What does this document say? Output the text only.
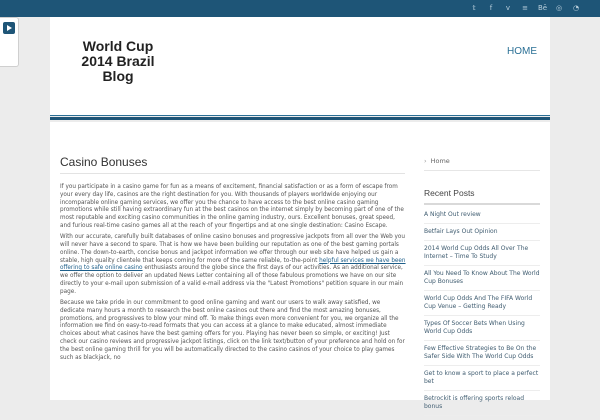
𝕥	f	v ≡ Bē ◎ ◔
World Cup 2014 Brazil Blog
HOME
Casino Bonuses

If you participate in a casino game for fun as a means of excitement, financial satisfaction or as a form of escape from your every day life, casinos are the right destination for you. With thousands of players worldwide enjoying our incomparable online gaming services, we offer you the chance to have access to the best online casino gaming promotions while still having extraordinary fun at the best casinos on the internet simply by becoming part of one of the most reputable and exciting casino communities in the online gaming industry, ours. Excellent bonuses, great speed, and furious real-time casino games all at the reach of your fingertips and at one single destination: Casino Escape.

With our accurate, carefully built databases of online casino bonuses and progressive jackpots from all over the Web you will never have a second to spare. That is how we have been building our reputation as one of the best gaming portals online. The down-to-earth, concise bonus and jackpot information we offer through our web site have helped us gain a stable, high quality clientele that keeps coming for more of the same reliable, to-the-point helpful services we have been offering to safe online casino enthusiasts around the globe since the first days of our activities. As an additional service, we offer the option to deliver an updated News Letter containing all of those fabulous promotions we have on our site directly to your e-mail upon submission of a valid e-mail address via the "Latest Promotions" petition square in our main page.

Because we take pride in our commitment to good online gaming and want our users to walk away satisfied, we dedicate many hours a month to research the best online casinos out there and find the most amazing bonuses, promotions, and progressives to blow your mind off. To make things even more convenient for you, we organize all the information we find on easy-to-read formats that you can access at a glance to make educated, almost immediate choices about what casinos have the best gaming offers for you. Playing has never been so simple, or exciting! Just check our casino reviews and progressive jackpot listings, click on the link text/button of your preference and hold on for the best online gaming thrill for you will be automatically directed to the casino casinos of your choice to play games such as blackjack, no

› Home
Recent Posts
A Night Out review
Betfair Lays Out Opinion
2014 World Cup Odds All Over The Internet – Time To Study
All You Need To Know About The World Cup Bonuses
World Cup Odds And The FIFA World Cup Venue – Getting Ready
Types Of Soccer Bets When Using World Cup Odds
Few Effective Strategies to Be On the Safer Side With The World Cup Odds
Get to know a sport to place a perfect bet
Betrockit is offering sports reload bonus
